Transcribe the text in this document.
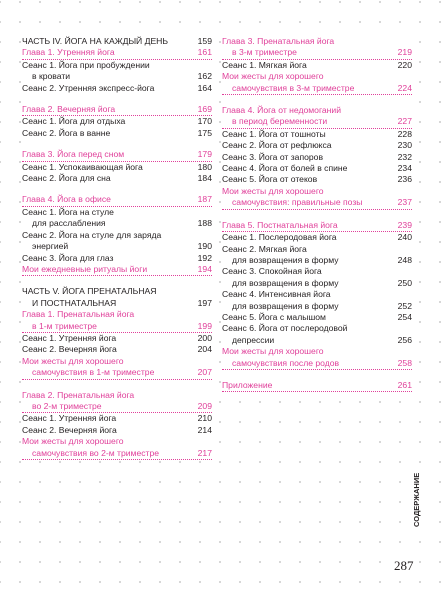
ЧАСТЬ IV. ЙОГА НА КАЖДЫЙ ДЕНЬ	159
Глава 1. Утренняя йога	161
Сеанс 1. Йога при пробуждении
в кровати	162
Сеанс 2. Утренняя экспресс-йога	164
Глава 2. Вечерняя йога	169
Сеанс 1. Йога для отдыха	170
Сеанс 2. Йога в ванне	175
Глава 3. Йога перед сном	179
Сеанс 1. Успокаивающая йога	180
Сеанс 2. Йога для сна	184
Глава 4. Йога в офисе	187
Сеанс 1. Йога на стуле
для расслабления	188
Сеанс 2. Йога на стуле для заряда
энергией	190
Сеанс 3. Йога для глаз	192
Мои ежедневные ритуалы йоги	194
ЧАСТЬ V. ЙОГА ПРЕНАТАЛЬНАЯ
И ПОСТНАТАЛЬНАЯ	197
Глава 1. Пренатальная йога
в 1-м триместре	199
Сеанс 1. Утренняя йога	200
Сеанс 2. Вечерняя йога	204
Мои жесты для хорошего
самочувствия в 1-м триместре	207
Глава 2. Пренатальная йога
во 2-м триместре	209
Сеанс 1. Утренняя йога	210
Сеанс 2. Вечерняя йога	214
Мои жесты для хорошего
самочувствия во 2-м триместре	217
Глава 3. Пренатальная йога
в 3-м триместре	219
Сеанс 1. Мягкая йога	220
Мои жесты для хорошего
самочувствия в 3-м триместре	224
Глава 4. Йога от недомоганий
в период беременности	227
Сеанс 1. Йога от тошноты	228
Сеанс 2. Йога от рефлюкса	230
Сеанс 3. Йога от запоров	232
Сеанс 4. Йога от болей в спине	234
Сеанс 5. Йога от отеков	236
Мои жесты для хорошего
самочувствия: правильные позы	237
Глава 5. Постнатальная йога	239
Сеанс 1. Послеродовая йога	240
Сеанс 2. Мягкая йога
для возвращения в форму	248
Сеанс 3. Спокойная йога
для возвращения в форму	250
Сеанс 4. Интенсивная йога
для возвращения в форму	252
Сеанс 5. Йога с малышом	254
Сеанс 6. Йога от послеродовой
депрессии	256
Мои жесты для хорошего
самочувствия после родов	258
Приложение	261
СОДЕРЖАНИЕ
287
